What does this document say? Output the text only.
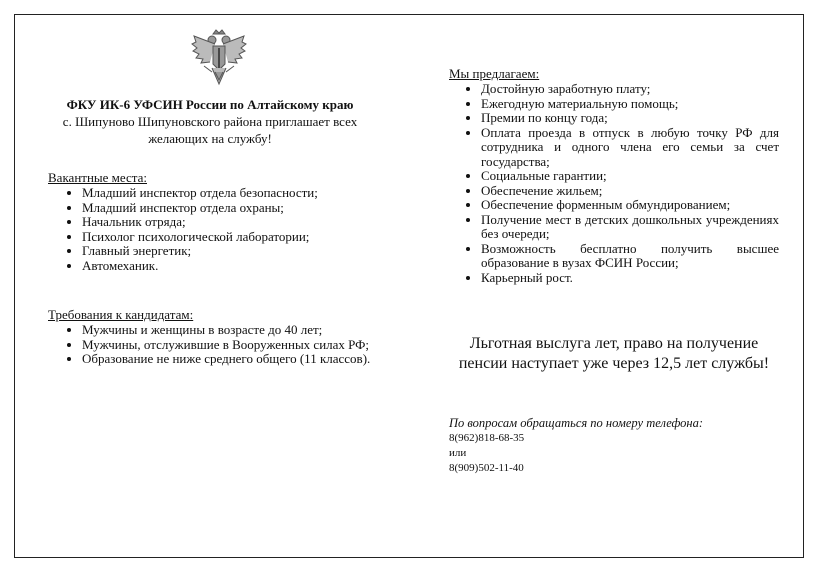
ФКУ ИК-6 УФСИН России по Алтайскому краю
с. Шипуново Шипуновского района приглашает всех
желающих на службу!

Вакантные места:

• Младший инспектор отдела безопасности;
• Младший инспектор отдела охраны;
• Начальник отряда;
• Психолог психологической лаборатории;
• Главный энергетик;
• Автомеханик.

Требования к кандидатам:

• Мужчины и женщины в возрасте до 40 лет;
• Мужчины, отслужившие в Вооруженных силах РФ;
• Образование не ниже среднего общего (11 классов).

Мы предлагаем:

• Достойную заработную плату;
• Ежегодную материальную помощь;
• Премии по концу года;
• Оплата проезда в отпуск в любую точку РФ для сотрудника и одного члена его семьи за счет государства;
• Социальные гарантии;
• Обеспечение жильем;
• Обеспечение форменным обмундированием;
• Получение мест в детских дошкольных учреждениях без очереди;
• Возможность бесплатно получить высшее образование в вузах ФСИН России;
• Карьерный рост.
Льготная выслуга лет, право на получение
пенсии наступает уже через 12,5 лет службы!
По вопросам обращаться по номеру телефона:
8(962)818-68-35
или
8(909)502-11-40
